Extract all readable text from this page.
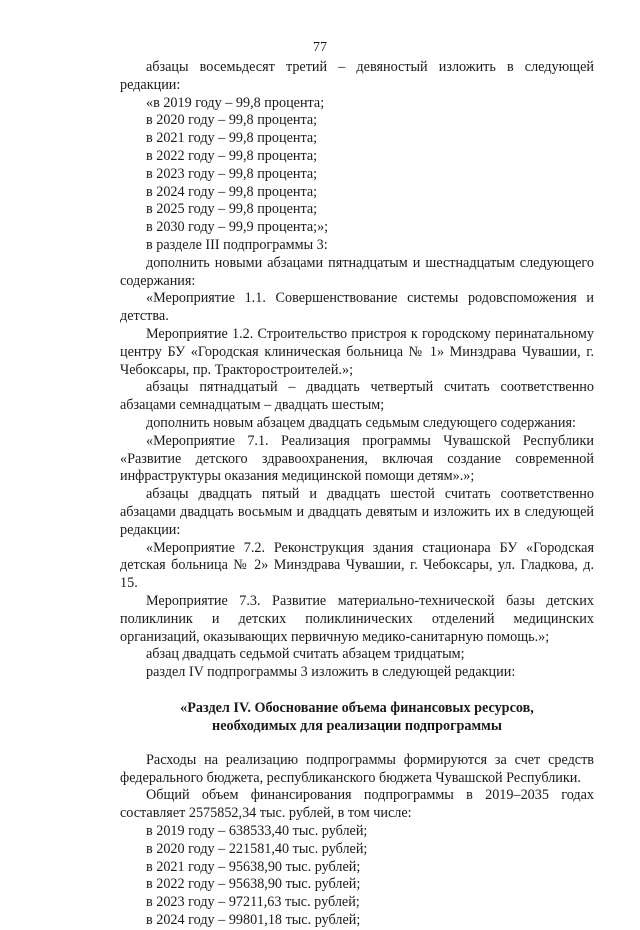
77

абзацы восемьдесят третий – девяностый изложить в следующей редакции:

«в 2019 году – 99,8 процента;

в 2020 году – 99,8 процента;

в 2021 году – 99,8 процента;

в 2022 году – 99,8 процента;

в 2023 году – 99,8 процента;

в 2024 году – 99,8 процента;

в 2025 году – 99,8 процента;

в 2030 году – 99,9 процента;»;

в разделе III подпрограммы 3:

дополнить новыми абзацами пятнадцатым и шестнадцатым следующего содержания:

«Мероприятие 1.1. Совершенствование системы родовспоможения и детства.

Мероприятие 1.2. Строительство пристроя к городскому перинатальному центру БУ «Городская клиническая больница № 1» Минздрава Чувашии, г. Чебоксары, пр. Тракторостроителей.»;

абзацы пятнадцатый – двадцать четвертый считать соответственно абзацами семнадцатым – двадцать шестым;

дополнить новым абзацем двадцать седьмым следующего содержания:

«Мероприятие 7.1. Реализация программы Чувашской Республики «Развитие детского здравоохранения, включая создание современной инфраструктуры оказания медицинской помощи детям».»;

абзацы двадцать пятый и двадцать шестой считать соответственно абзацами двадцать восьмым и двадцать девятым и изложить их в следующей редакции:

«Мероприятие 7.2. Реконструкция здания стационара БУ «Городская детская больница № 2» Минздрава Чувашии, г. Чебоксары, ул. Гладкова, д. 15.

Мероприятие 7.3. Развитие материально-технической базы детских поликлиник и детских поликлинических отделений медицинских организаций, оказывающих первичную медико-санитарную помощь.»;

абзац двадцать седьмой считать абзацем тридцатым;

раздел IV подпрограммы 3 изложить в следующей редакции:

«Раздел IV. Обоснование объема финансовых ресурсов,
необходимых для реализации подпрограммы

Расходы на реализацию подпрограммы формируются за счет средств федерального бюджета, республиканского бюджета Чувашской Республики.

Общий объем финансирования подпрограммы в 2019–2035 годах составляет 2575852,34 тыс. рублей, в том числе:

в 2019 году – 638533,40 тыс. рублей;

в 2020 году – 221581,40 тыс. рублей;

в 2021 году – 95638,90 тыс. рублей;

в 2022 году – 95638,90 тыс. рублей;

в 2023 году – 97211,63 тыс. рублей;

в 2024 году – 99801,18 тыс. рублей;
